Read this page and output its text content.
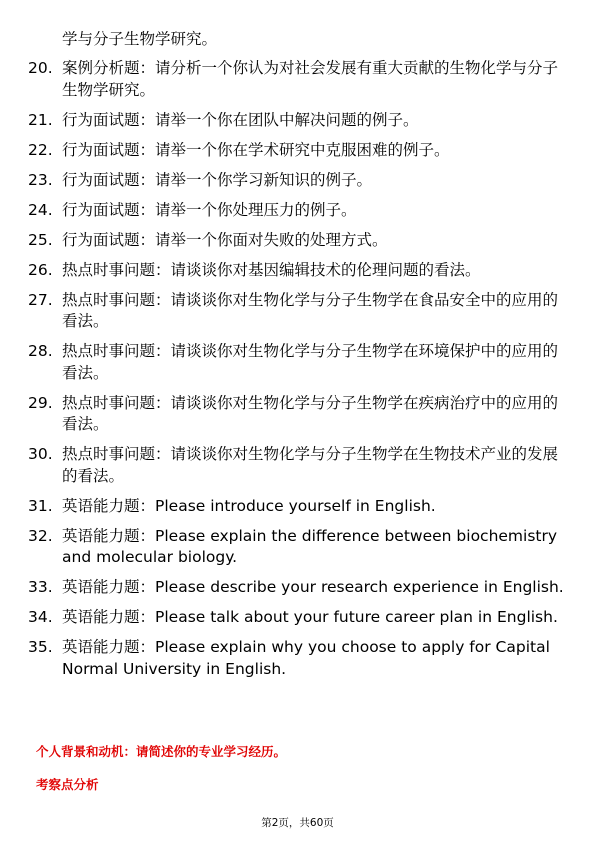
学与分子生物学研究。
20. 案例分析题：请分析一个你认为对社会发展有重大贡献的生物化学与分子生物学研究。
21. 行为面试题：请举一个你在团队中解决问题的例子。
22. 行为面试题：请举一个你在学术研究中克服困难的例子。
23. 行为面试题：请举一个你学习新知识的例子。
24. 行为面试题：请举一个你处理压力的例子。
25. 行为面试题：请举一个你面对失败的处理方式。
26. 热点时事问题：请谈谈你对基因编辑技术的伦理问题的看法。
27. 热点时事问题：请谈谈你对生物化学与分子生物学在食品安全中的应用的看法。
28. 热点时事问题：请谈谈你对生物化学与分子生物学在环境保护中的应用的看法。
29. 热点时事问题：请谈谈你对生物化学与分子生物学在疾病治疗中的应用的看法。
30. 热点时事问题：请谈谈你对生物化学与分子生物学在生物技术产业的发展的看法。
31. 英语能力题：Please introduce yourself in English.
32. 英语能力题：Please explain the difference between biochemistry and molecular biology.
33. 英语能力题：Please describe your research experience in English.
34. 英语能力题：Please talk about your future career plan in English.
35. 英语能力题：Please explain why you choose to apply for Capital Normal University in English.
个人背景和动机：请简述你的专业学习经历。
考察点分析
第2页，共60页
